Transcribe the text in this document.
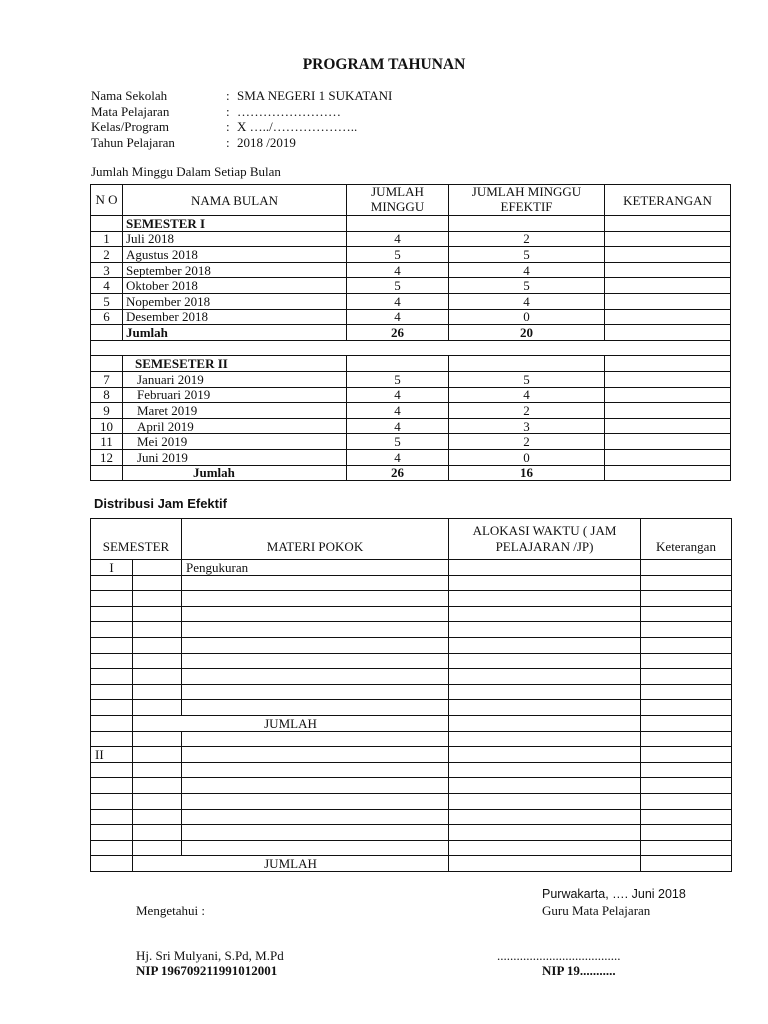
PROGRAM TAHUNAN
Nama Sekolah	: SMA NEGERI 1 SUKATANI
Mata Pelajaran	: ……………………
Kelas/Program	: X …../………………..
Tahun Pelajaran	: 2018 /2019
Jumlah Minggu Dalam Setiap Bulan
N O	NAMA BULAN	JUMLAH MINGGU	JUMLAH MINGGU EFEKTIF	KETERANGAN
	SEMESTER I			
1	Juli 2018	4	2	
2	Agustus 2018	5	5	
3	September 2018	4	4	
4	Oktober 2018	5	5	
5	Nopember 2018	4	4	
6	Desember 2018	4	0	
	Jumlah	26	20	

	SEMESETER II			
7	Januari 2019	5	5	
8	Februari 2019	4	4	
9	Maret 2019	4	2	
10	April 2019	4	3	
11	Mei 2019	5	2	
12	Juni 2019	4	0	
	Jumlah	26	16	
Distribusi Jam Efektif
SEMESTER		MATERI POKOK	ALOKASI WAKTU ( JAM PELAJARAN /JP)	Keterangan
I		Pengukuran		

	JUMLAH			

II				

	JUMLAH			
Purwakarta, …. Juni 2018
Mengetahui :	Guru Mata Pelajaran
Hj. Sri Mulyani, S.Pd, M.Pd	......................................
NIP 196709211991012001	NIP 19...........
